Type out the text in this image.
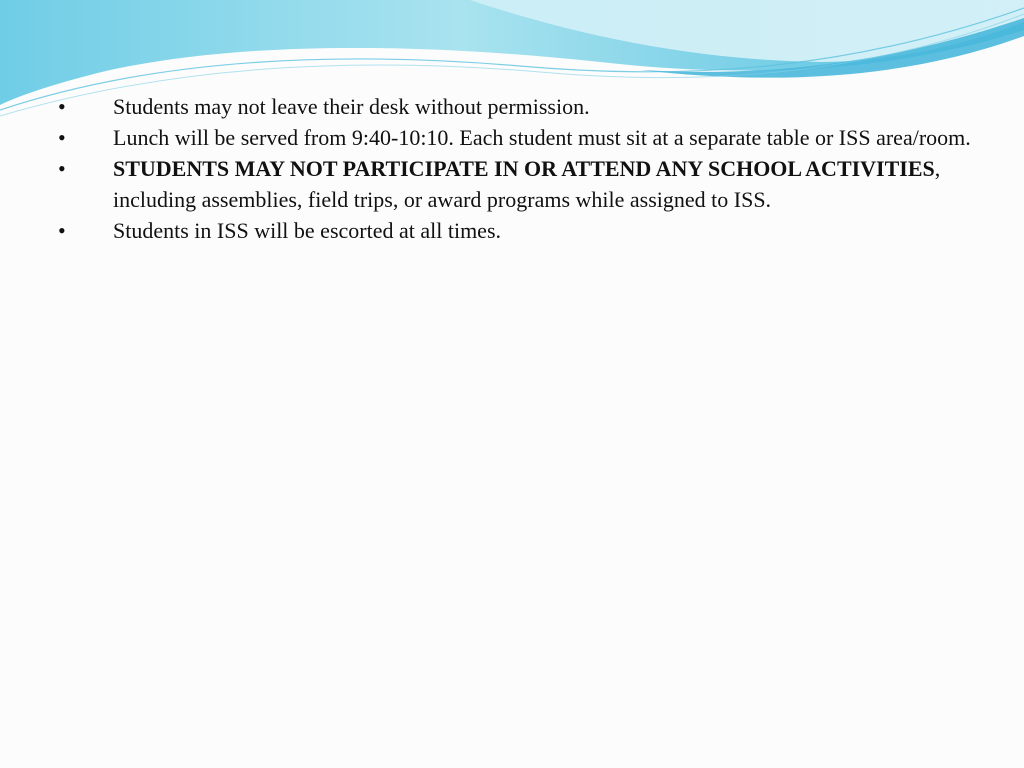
•	Students may not leave their desk without permission.
•	Lunch will be served from 9:40-10:10. Each student must sit at a separate table or ISS area/room.
•	STUDENTS MAY NOT PARTICIPATE IN OR ATTEND ANY SCHOOL ACTIVITIES, including assemblies, field trips, or award programs while assigned to ISS.
•	Students in ISS will be escorted at all times.
